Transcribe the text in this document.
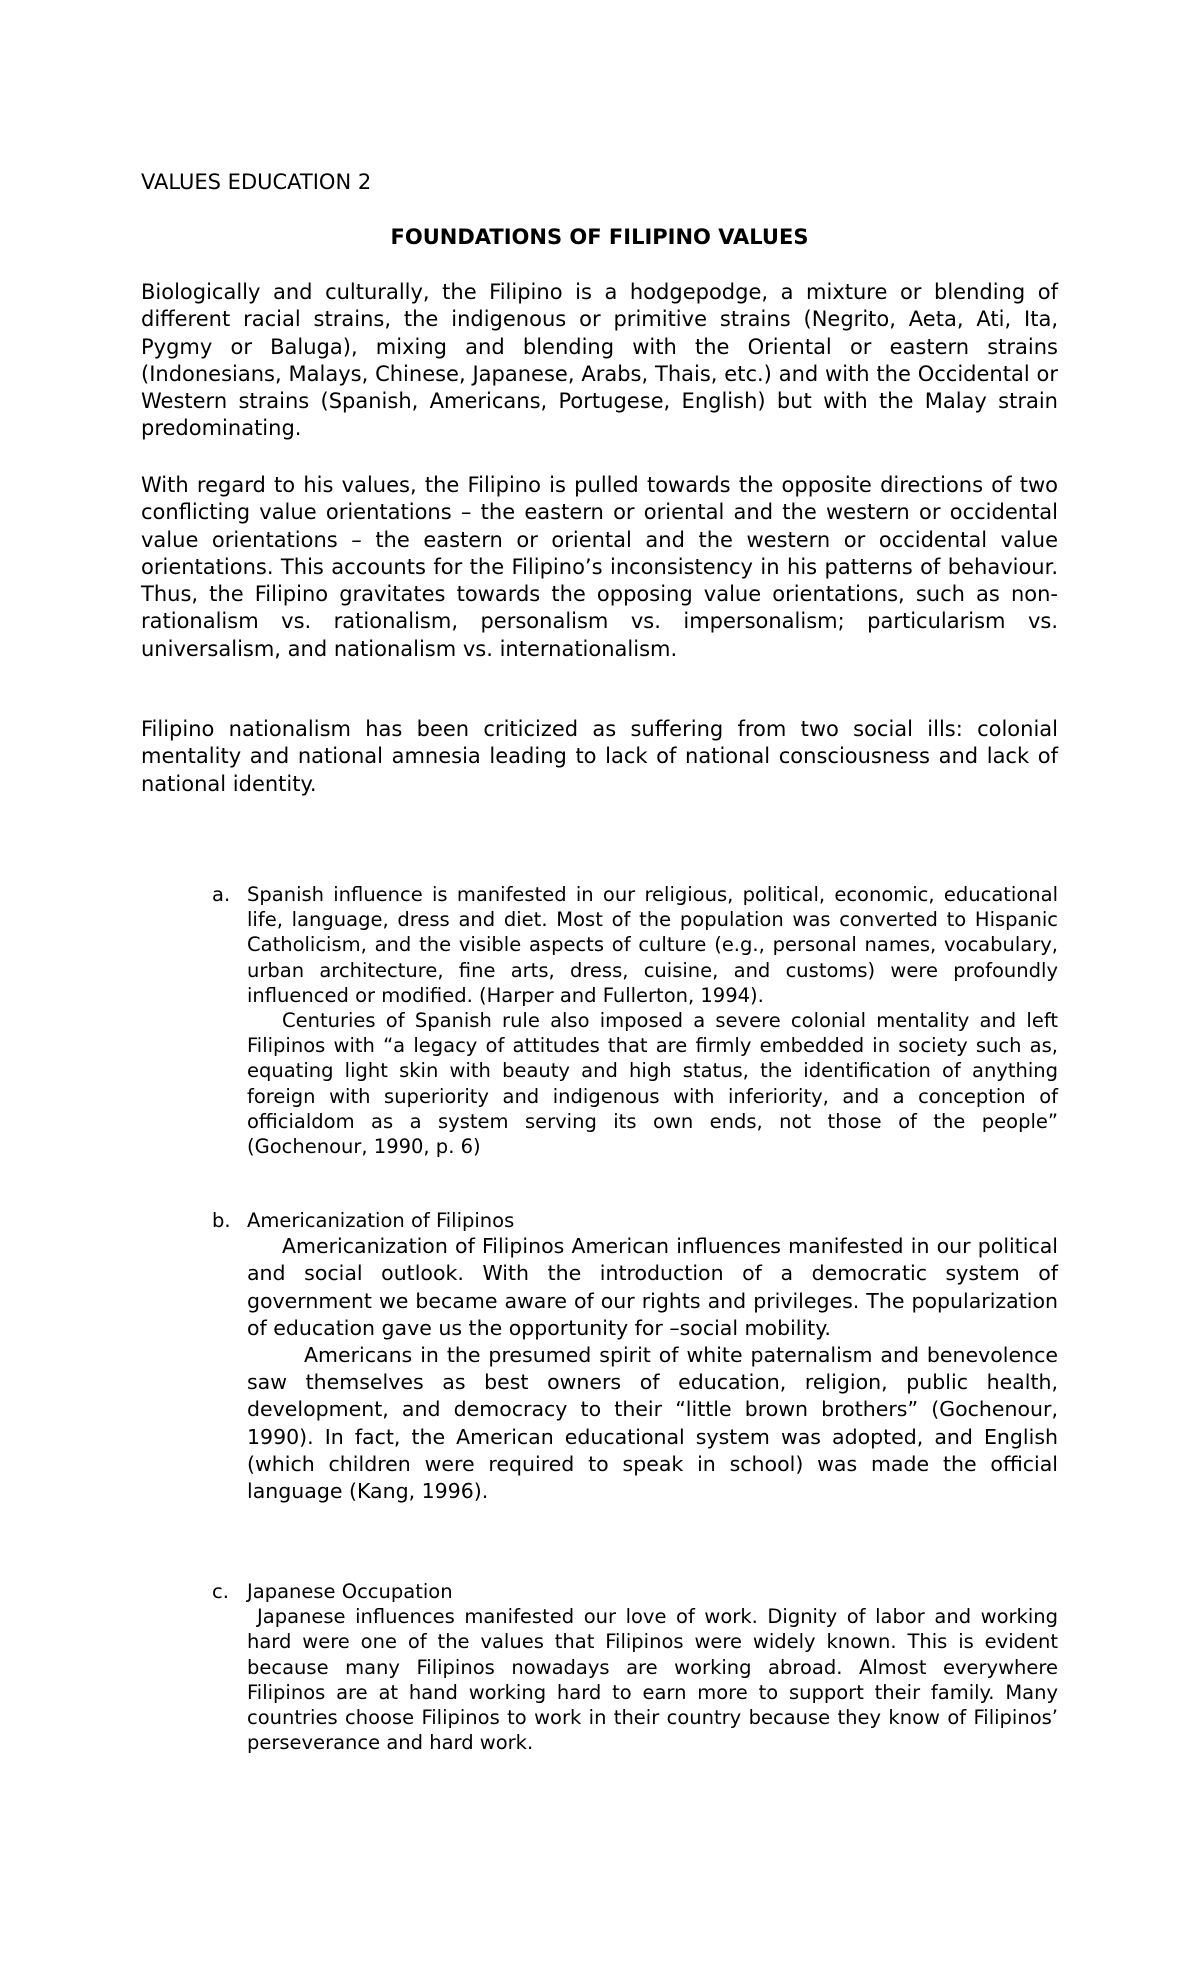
VALUES EDUCATION 2

FOUNDATIONS OF FILIPINO VALUES

Biologically and culturally, the Filipino is a hodgepodge, a mixture or blending of different racial strains, the indigenous or primitive strains (Negrito, Aeta, Ati, Ita, Pygmy or Baluga), mixing and blending with the Oriental or eastern strains (Indonesians, Malays, Chinese, Japanese, Arabs, Thais, etc.) and with the Occidental or Western strains (Spanish, Americans, Portugese, English) but with the Malay strain predominating.

With regard to his values, the Filipino is pulled towards the opposite directions of two conflicting value orientations – the eastern or oriental and the western or occidental value orientations – the eastern or oriental and the western or occidental value orientations. This accounts for the Filipino’s inconsistency in his patterns of behaviour. Thus, the Filipino gravitates towards the opposing value orientations, such as non-rationalism vs. rationalism, personalism vs. impersonalism; particularism vs. universalism, and nationalism vs. internationalism.

Filipino nationalism has been criticized as suffering from two social ills: colonial mentality and national amnesia leading to lack of national consciousness and lack of national identity.

a. Spanish influence is manifested in our religious, political, economic, educational life, language, dress and diet. Most of the population was converted to Hispanic Catholicism, and the visible aspects of culture (e.g., personal names, vocabulary, urban architecture, fine arts, dress, cuisine, and customs) were profoundly influenced or modified. (Harper and Fullerton, 1994).

Centuries of Spanish rule also imposed a severe colonial mentality and left Filipinos with “a legacy of attitudes that are firmly embedded in society such as, equating light skin with beauty and high status, the identification of anything foreign with superiority and indigenous with inferiority, and a conception of officialdom as a system serving its own ends, not those of the people” (Gochenour, 1990, p. 6)

b. Americanization of Filipinos

Americanization of Filipinos American influences manifested in our political and social outlook. With the introduction of a democratic system of government we became aware of our rights and privileges. The popularization of education gave us the opportunity for –social mobility.

Americans in the presumed spirit of white paternalism and benevolence saw themselves as best owners of education, religion, public health, development, and democracy to their “little brown brothers” (Gochenour, 1990). In fact, the American educational system was adopted, and English (which children were required to speak in school) was made the official language (Kang, 1996).

c. Japanese Occupation

Japanese influences manifested our love of work. Dignity of labor and working hard were one of the values that Filipinos were widely known. This is evident because many Filipinos nowadays are working abroad. Almost everywhere Filipinos are at hand working hard to earn more to support their family. Many countries choose Filipinos to work in their country because they know of Filipinos’ perseverance and hard work.
